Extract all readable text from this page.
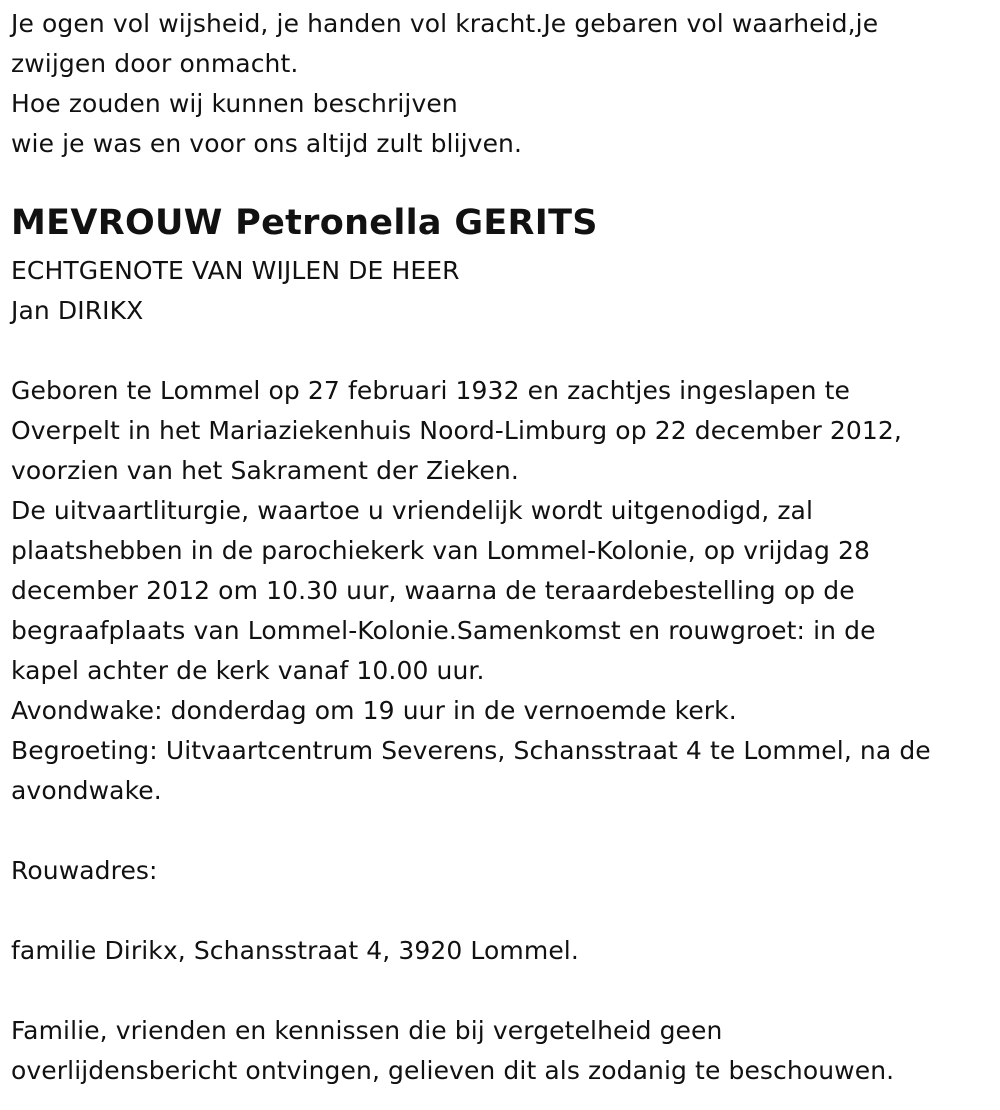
Je ogen vol wijsheid, je handen vol kracht.Je gebaren vol waarheid,je
zwijgen door onmacht.
Hoe zouden wij kunnen beschrijven
wie je was en voor ons altijd zult blijven.
MEVROUW Petronella GERITS
ECHTGENOTE VAN WIJLEN DE HEER
Jan DIRIKX
Geboren te Lommel op 27 februari 1932 en zachtjes ingeslapen te
Overpelt in het Mariaziekenhuis Noord-Limburg op 22 december 2012,
voorzien van het Sakrament der Zieken.
De uitvaartliturgie, waartoe u vriendelijk wordt uitgenodigd, zal
plaatshebben in de parochiekerk van Lommel-Kolonie, op vrijdag 28
december 2012 om 10.30 uur, waarna de teraardebestelling op de
begraafplaats van Lommel-Kolonie.Samenkomst en rouwgroet: in de
kapel achter de kerk vanaf 10.00 uur.
Avondwake: donderdag om 19 uur in de vernoemde kerk.
Begroeting: Uitvaartcentrum Severens, Schansstraat 4 te Lommel, na de
avondwake.
Rouwadres:
familie Dirikx, Schansstraat 4, 3920 Lommel.
Familie, vrienden en kennissen die bij vergetelheid geen
overlijdensbericht ontvingen, gelieven dit als zodanig te beschouwen.
